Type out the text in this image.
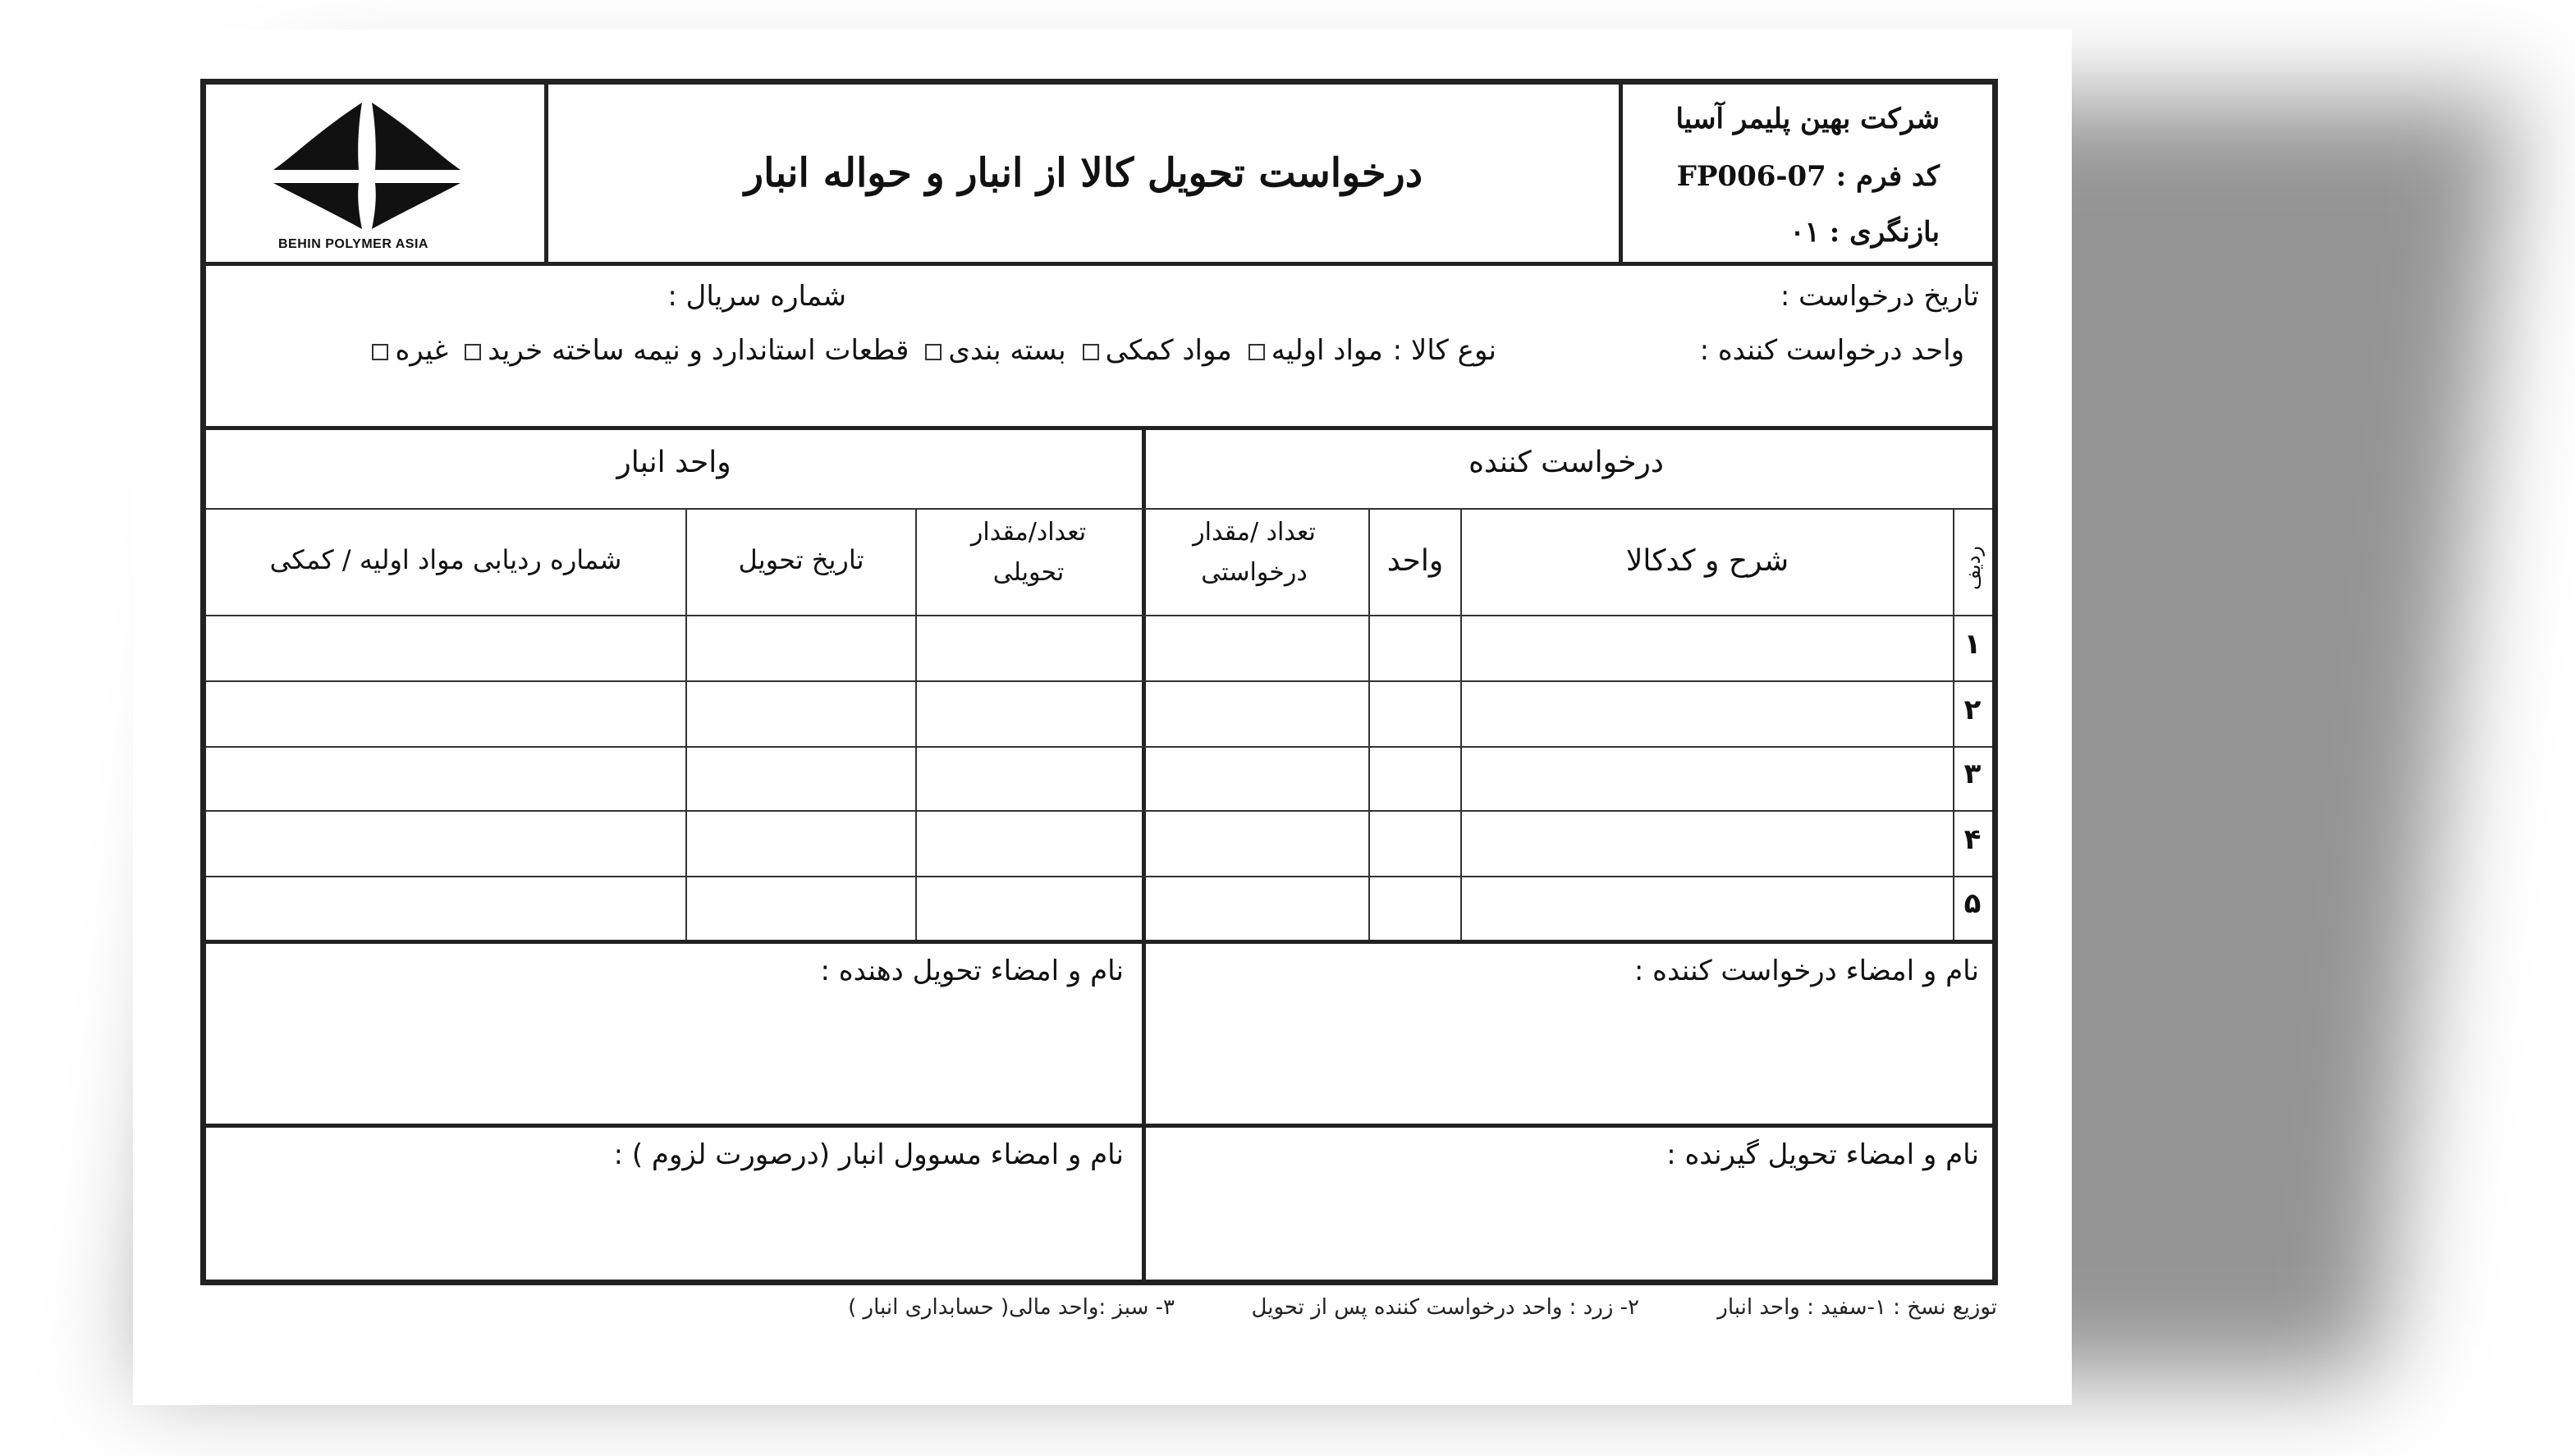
شرکت بهین پلیمر آسیا
کد فرم : FP006-07
بازنگری : ۰۱
درخواست تحویل کالا از انبار و حواله انبار
BEHIN POLYMER ASIA
تاریخ درخواست :
شماره سریال :
واحد درخواست کننده :
نوع کالا :
مواد اولیه
مواد کمکی
بسته بندی
قطعات استاندارد و نیمه ساخته خرید
غیره
درخواست کننده
واحد انبار
ردیف
شرح و کدکالا
واحد
تعداد /مقدار
درخواستی
تعداد/مقدار
تحویلی
تاریخ تحویل
شماره ردیابی مواد اولیه / کمکی
۱
۲
۳
۴
۵
نام و امضاء درخواست کننده :
نام و امضاء تحویل دهنده :
نام و امضاء تحویل گیرنده :
نام و امضاء مسوول انبار (درصورت لزوم ) :
توزیع نسخ : ۱-سفید : واحد انبار
۲- زرد : واحد درخواست کننده پس از تحویل
۳- سبز :واحد مالی( حسابداری انبار )
